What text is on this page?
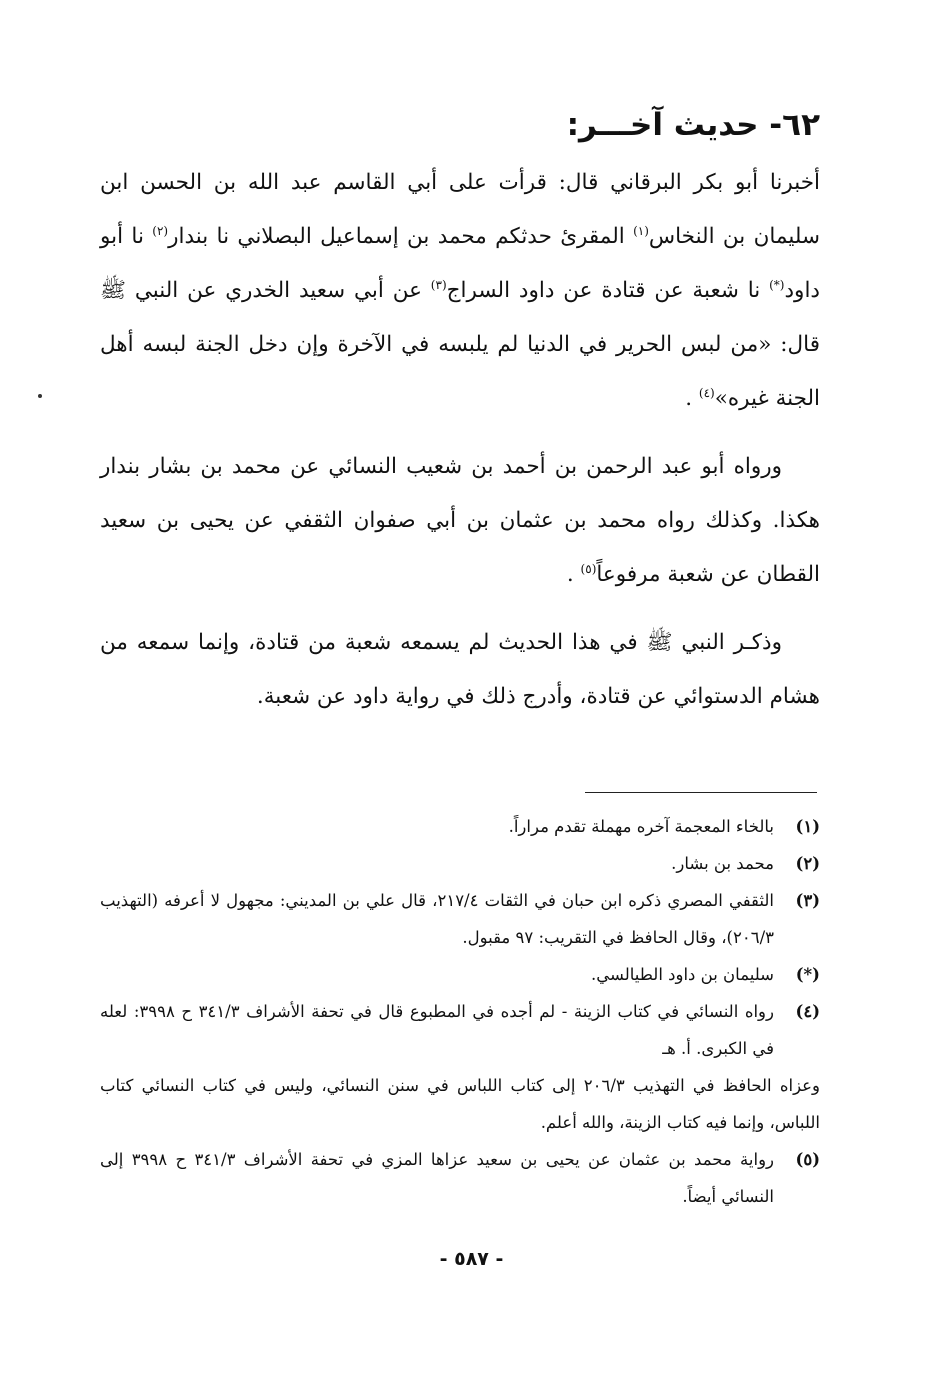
٦٢- حديث آخـــر:

أخبرنا أبو بكر البرقاني قال: قرأت على أبي القاسم عبد الله بن الحسن ابن سليمان بن النخاس$^{(١)}$ المقرئ حدثكم محمد بن إسماعيل البصلاني نا بندار$^{(٢)}$ نا أبو داود(*) نا شعبة عن قتادة عن داود السراج$^{(٣)}$ عن أبي سعيد الخدري عن النبي ﷺ قال: «من لبس الحرير في الدنيا لم يلبسه في الآخرة وإن دخل الجنة لبسه أهل الجنة غيره»$^{(٤)}$ .

ورواه أبو عبد الرحمن بن أحمد بن شعيب النسائي عن محمد بن بشار بندار هكذا. وكذلك رواه محمد بن عثمان بن أبي صفوان الثقفي عن يحيى بن سعيد القطان عن شعبة مرفوعاً$^{(٥)}$ .

وذكـر النبي ﷺ في هذا الحديث لم يسمعه شعبة من قتادة، وإنما سمعه من هشام الدستوائي عن قتادة، وأدرج ذلك في رواية داود عن شعبة.

(١)
بالخاء المعجمة آخره مهملة تقدم مراراً.
(٢)
محمد بن بشار.
(٣)
الثقفي المصري ذكره ابن حبان في الثقات ٢١٧/٤، قال علي بن المديني: مجهول لا أعرفه (التهذيب ٢٠٦/٣)، وقال الحافظ في التقريب: ٩٧ مقبول.
(*)
سليمان بن داود الطيالسي.
(٤)
رواه النسائي في كتاب الزينة - لم أجده في المطبوع قال في تحفة الأشراف ٣٤١/٣ ح ٣٩٩٨: لعله في الكبرى. أ. هـ
وعزاه الحافظ في التهذيب ٢٠٦/٣ إلى كتاب اللباس في سنن النسائي، وليس في كتاب النسائي كتاب اللباس، وإنما فيه كتاب الزينة، والله أعلم.
(٥)
رواية محمد بن عثمان عن يحيى بن سعيد عزاها المزي في تحفة الأشراف ٣٤١/٣ ح ٣٩٩٨ إلى النسائي أيضاً.
- ٥٨٧ -
